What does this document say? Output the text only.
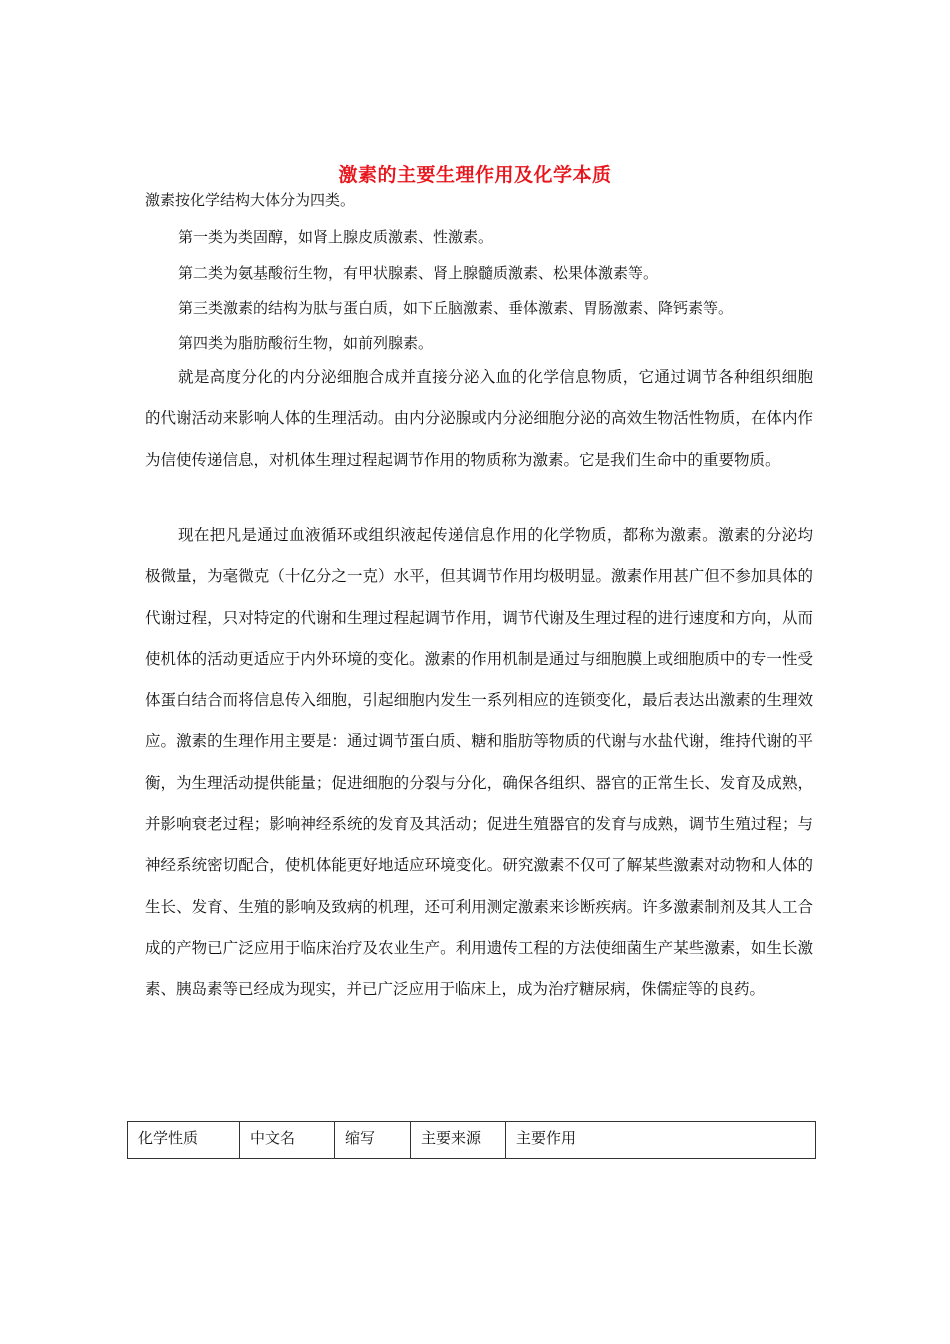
激素的主要生理作用及化学本质
激素按化学结构大体分为四类。
第一类为类固醇，如肾上腺皮质激素、性激素。
第二类为氨基酸衍生物，有甲状腺素、肾上腺髓质激素、松果体激素等。
第三类激素的结构为肽与蛋白质，如下丘脑激素、垂体激素、胃肠激素、降钙素等。
第四类为脂肪酸衍生物，如前列腺素。
就是高度分化的内分泌细胞合成并直接分泌入血的化学信息物质，它通过调节各种组织细胞的代谢活动来影响人体的生理活动。由内分泌腺或内分泌细胞分泌的高效生物活性物质，在体内作为信使传递信息，对机体生理过程起调节作用的物质称为激素。它是我们生命中的重要物质。
现在把凡是通过血液循环或组织液起传递信息作用的化学物质，都称为激素。激素的分泌均极微量，为毫微克（十亿分之一克）水平，但其调节作用均极明显。激素作用甚广但不参加具体的代谢过程，只对特定的代谢和生理过程起调节作用，调节代谢及生理过程的进行速度和方向，从而使机体的活动更适应于内外环境的变化。激素的作用机制是通过与细胞膜上或细胞质中的专一性受体蛋白结合而将信息传入细胞，引起细胞内发生一系列相应的连锁变化，最后表达出激素的生理效应。激素的生理作用主要是：通过调节蛋白质、糖和脂肪等物质的代谢与水盐代谢，维持代谢的平衡，为生理活动提供能量；促进细胞的分裂与分化，确保各组织、器官的正常生长、发育及成熟，并影响衰老过程；影响神经系统的发育及其活动；促进生殖器官的发育与成熟，调节生殖过程；与神经系统密切配合，使机体能更好地适应环境变化。研究激素不仅可了解某些激素对动物和人体的生长、发育、生殖的影响及致病的机理，还可利用测定激素来诊断疾病。许多激素制剂及其人工合成的产物已广泛应用于临床治疗及农业生产。利用遗传工程的方法使细菌生产某些激素，如生长激素、胰岛素等已经成为现实，并已广泛应用于临床上，成为治疗糖尿病，侏儒症等的良药。
化学性质	中文名	缩写	主要来源	主要作用
